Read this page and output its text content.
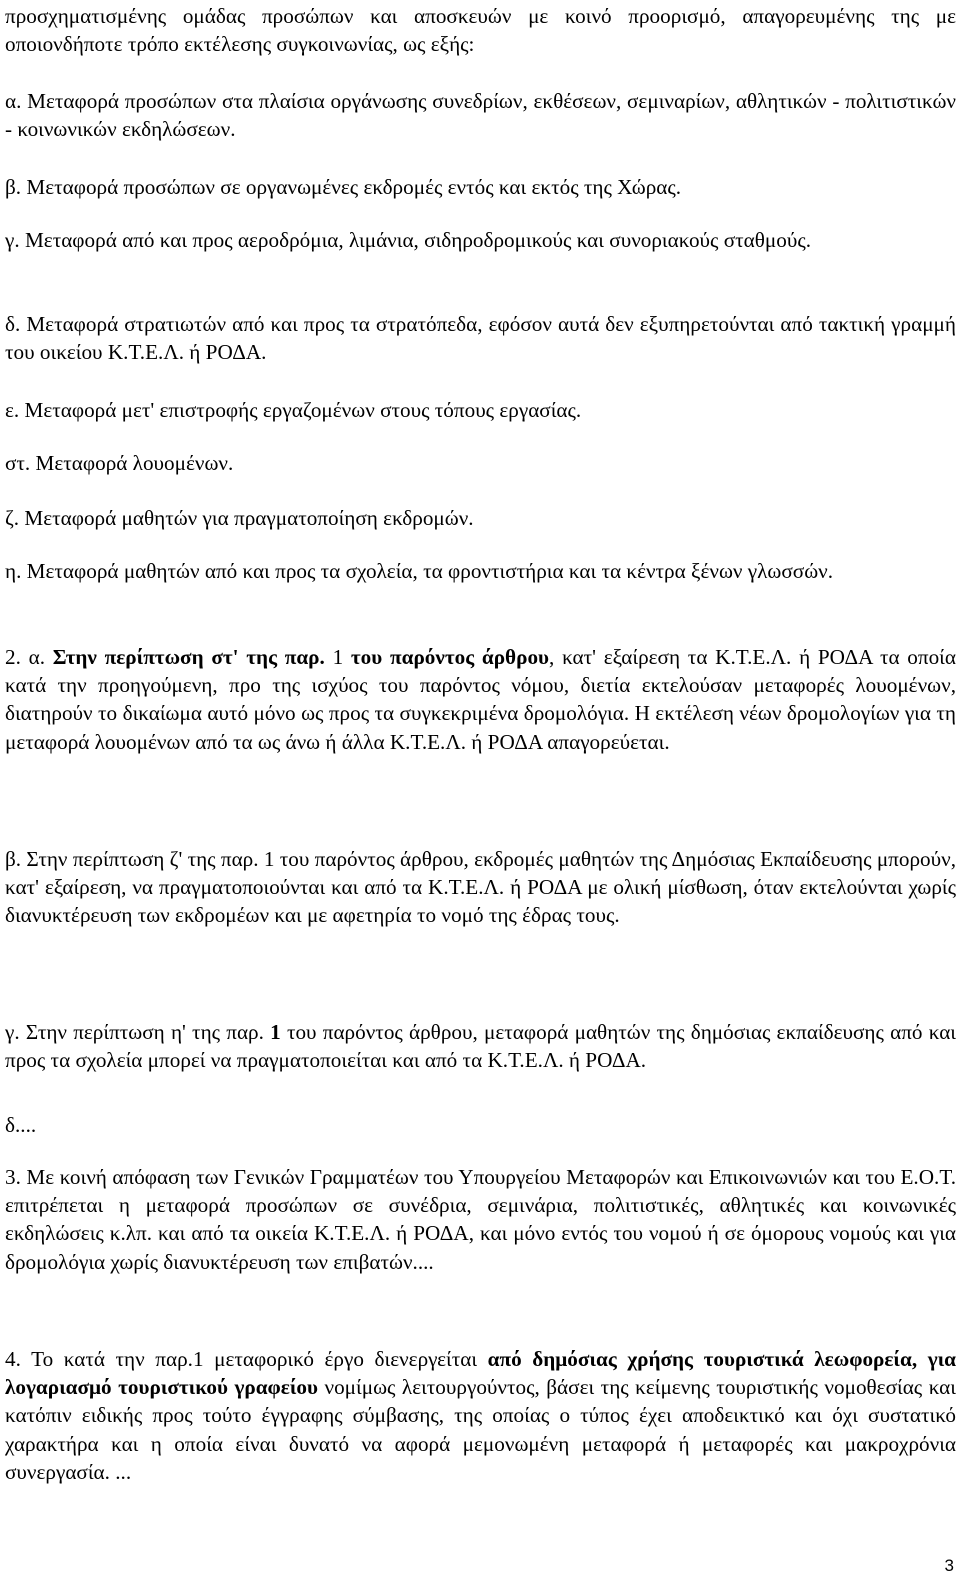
προσχηματισμένης ομάδας προσώπων και αποσκευών με κοινό προορισμό, απαγορευμένης της με οποιονδήποτε τρόπο εκτέλεσης συγκοινωνίας, ως εξής:

α. Μεταφορά προσώπων στα πλαίσια οργάνωσης συνεδρίων, εκθέσεων, σεμιναρίων, αθλητικών - πολιτιστικών - κοινωνικών εκδηλώσεων.

β. Μεταφορά προσώπων σε οργανωμένες εκδρομές εντός και εκτός της Χώρας.

γ. Μεταφορά από και προς αεροδρόμια, λιμάνια, σιδηροδρομικούς και συνοριακούς σταθμούς.

δ. Μεταφορά στρατιωτών από και προς τα στρατόπεδα, εφόσον αυτά δεν εξυπηρετούνται από τακτική γραμμή του οικείου Κ.Τ.Ε.Λ. ή ΡΟΔΑ.

ε. Μεταφορά μετ' επιστροφής εργαζομένων στους τόπους εργασίας.

στ. Μεταφορά λουομένων.

ζ. Μεταφορά μαθητών για πραγματοποίηση εκδρομών.

η. Μεταφορά μαθητών από και προς τα σχολεία, τα φροντιστήρια και τα κέντρα ξένων γλωσσών.

2. α. Στην περίπτωση στ' της παρ. 1 του παρόντος άρθρου, κατ' εξαίρεση τα Κ.Τ.Ε.Λ. ή ΡΟΔΑ τα οποία κατά την προηγούμενη, προ της ισχύος του παρόντος νόμου, διετία εκτελούσαν μεταφορές λουομένων, διατηρούν το δικαίωμα αυτό μόνο ως προς τα συγκεκριμένα δρομολόγια. Η εκτέλεση νέων δρομολογίων για τη μεταφορά λουομένων από τα ως άνω ή άλλα Κ.Τ.Ε.Λ. ή ΡΟΔΑ απαγορεύεται.

β. Στην περίπτωση ζ' της παρ. 1 του παρόντος άρθρου, εκδρομές μαθητών της Δημόσιας Εκπαίδευσης μπορούν, κατ' εξαίρεση, να πραγματοποιούνται και από τα Κ.Τ.Ε.Λ. ή ΡΟΔΑ με ολική μίσθωση, όταν εκτελούνται χωρίς διανυκτέρευση των εκδρομέων και με αφετηρία το νομό της έδρας τους.

γ. Στην περίπτωση η' της παρ. 1 του παρόντος άρθρου, μεταφορά μαθητών της δημόσιας εκπαίδευσης από και προς τα σχολεία μπορεί να πραγματοποιείται και από τα Κ.Τ.Ε.Λ. ή ΡΟΔΑ.

δ....

3. Με κοινή απόφαση των Γενικών Γραμματέων του Υπουργείου Μεταφορών και Επικοινωνιών και του Ε.Ο.Τ. επιτρέπεται η μεταφορά προσώπων σε συνέδρια, σεμινάρια, πολιτιστικές, αθλητικές και κοινωνικές εκδηλώσεις κ.λπ. και από τα οικεία Κ.Τ.Ε.Λ. ή ΡΟΔΑ, και μόνο εντός του νομού ή σε όμορους νομούς και για δρομολόγια χωρίς διανυκτέρευση των επιβατών....

4. Το κατά την παρ.1 μεταφορικό έργο διενεργείται από δημόσιας χρήσης τουριστικά λεωφορεία, για λογαριασμό τουριστικού γραφείου νομίμως λειτουργούντος, βάσει της κείμενης τουριστικής νομοθεσίας και κατόπιν ειδικής προς τούτο έγγραφης σύμβασης, της οποίας ο τύπος έχει αποδεικτικό και όχι συστατικό χαρακτήρα και η οποία είναι δυνατό να αφορά μεμονωμένη μεταφορά ή μεταφορές και μακροχρόνια συνεργασία. ...

3
